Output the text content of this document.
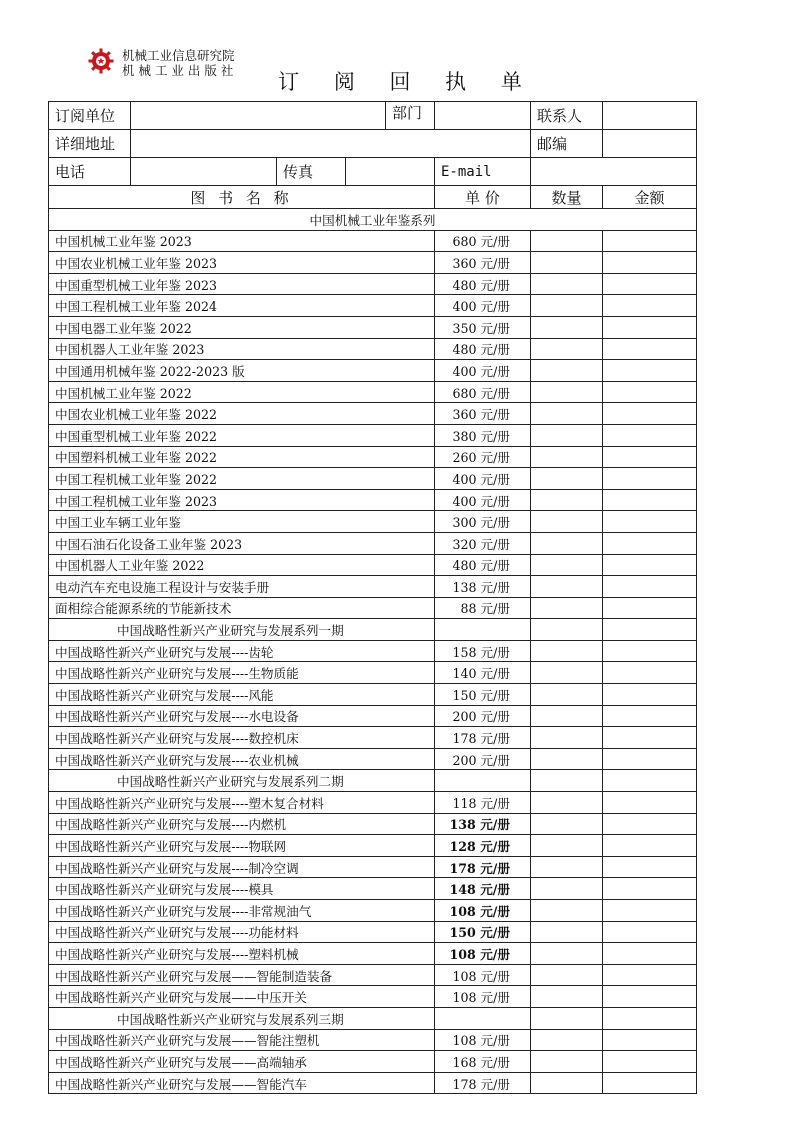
机械工业信息研究院
机 械 工 业 出 版 社	订 阅 回 执 单
订阅单位	部门		联系人	
详细地址			邮编	
电话	传真	E-mail		
图 书 名 称		单 价	数量	金额
中国机械工业年鉴系列				
中国机械工业年鉴 2023		680 元/册		
中国农业机械工业年鉴 2023		360 元/册		
中国重型机械工业年鉴 2023		480 元/册		
中国工程机械工业年鉴 2024		400 元/册		
中国电器工业年鉴 2022		350 元/册		
中国机器人工业年鉴 2023		480 元/册		
中国通用机械年鉴 2022-2023 版		400 元/册		
中国机械工业年鉴 2022		680 元/册		
中国农业机械工业年鉴 2022		360 元/册		
中国重型机械工业年鉴 2022		380 元/册		
中国塑料机械工业年鉴 2022		260 元/册		
中国工程机械工业年鉴 2022		400 元/册		
中国工程机械工业年鉴 2023		400 元/册		
中国工业车辆工业年鉴		300 元/册		
中国石油石化设备工业年鉴 2023		320 元/册		
中国机器人工业年鉴 2022		480 元/册		
电动汽车充电设施工程设计与安装手册		138 元/册		
面相综合能源系统的节能新技术		88 元/册		
中国战略性新兴产业研究与发展系列一期				
中国战略性新兴产业研究与发展----齿轮		158 元/册		
中国战略性新兴产业研究与发展----生物质能		140 元/册		
中国战略性新兴产业研究与发展----风能		150 元/册		
中国战略性新兴产业研究与发展----水电设备		200 元/册		
中国战略性新兴产业研究与发展----数控机床		178 元/册		
中国战略性新兴产业研究与发展----农业机械		200 元/册		
中国战略性新兴产业研究与发展系列二期				
中国战略性新兴产业研究与发展----塑木复合材料		118 元/册		
中国战略性新兴产业研究与发展----内燃机		138 元/册		
中国战略性新兴产业研究与发展----物联网		128 元/册		
中国战略性新兴产业研究与发展----制冷空调		178 元/册		
中国战略性新兴产业研究与发展----模具		148 元/册		
中国战略性新兴产业研究与发展----非常规油气		108 元/册		
中国战略性新兴产业研究与发展----功能材料		150 元/册		
中国战略性新兴产业研究与发展----塑料机械		108 元/册		
中国战略性新兴产业研究与发展——智能制造装备		108 元/册		
中国战略性新兴产业研究与发展——中压开关		108 元/册		
中国战略性新兴产业研究与发展系列三期				
中国战略性新兴产业研究与发展——智能注塑机		108 元/册		
中国战略性新兴产业研究与发展——高端轴承		168 元/册		
中国战略性新兴产业研究与发展——智能汽车		178 元/册		
